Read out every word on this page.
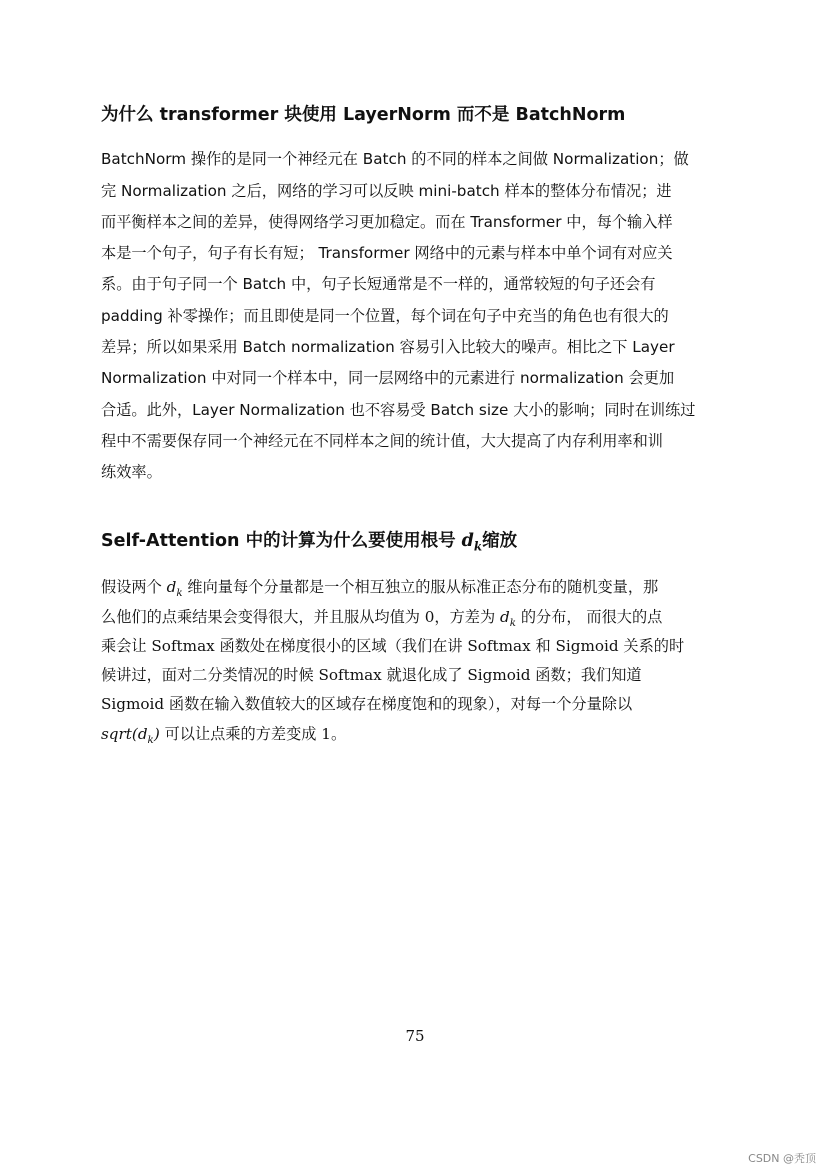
为什么 transformer 块使用 LayerNorm 而不是 BatchNorm
BatchNorm 操作的是同一个神经元在 Batch 的不同的样本之间做 Normalization；做
完 Normalization 之后，网络的学习可以反映 mini-batch 样本的整体分布情况；进
而平衡样本之间的差异，使得网络学习更加稳定。而在 Transformer 中，每个输入样
本是一个句子，句子有长有短； Transformer 网络中的元素与样本中单个词有对应关
系。由于句子同一个 Batch 中，句子长短通常是不一样的，通常较短的句子还会有
padding 补零操作；而且即使是同一个位置，每个词在句子中充当的角色也有很大的
差异；所以如果采用 Batch normalization 容易引入比较大的噪声。相比之下 Layer
Normalization 中对同一个样本中，同一层网络中的元素进行 normalization 会更加
合适。此外，Layer Normalization 也不容易受 Batch size 大小的影响；同时在训练过
程中不需要保存同一个神经元在不同样本之间的统计值，大大提高了内存利用率和训
练效率。
Self-Attention 中的计算为什么要使用根号 $d_k$缩放
假设两个 $d_k$ 维向量每个分量都是一个相互独立的服从标准正态分布的随机变量，那
么他们的点乘结果会变得很大，并且服从均值为 0，方差为 $d_k$ 的分布， 而很大的点
乘会让 Softmax 函数处在梯度很小的区域（我们在讲 Softmax 和 Sigmoid 关系的时
候讲过，面对二分类情况的时候 Softmax 就退化成了 Sigmoid 函数；我们知道
Sigmoid 函数在输入数值较大的区域存在梯度饱和的现象），对每一个分量除以
$sqrt(d_k)$ 可以让点乘的方差变成 1。
75
CSDN @秃顶
